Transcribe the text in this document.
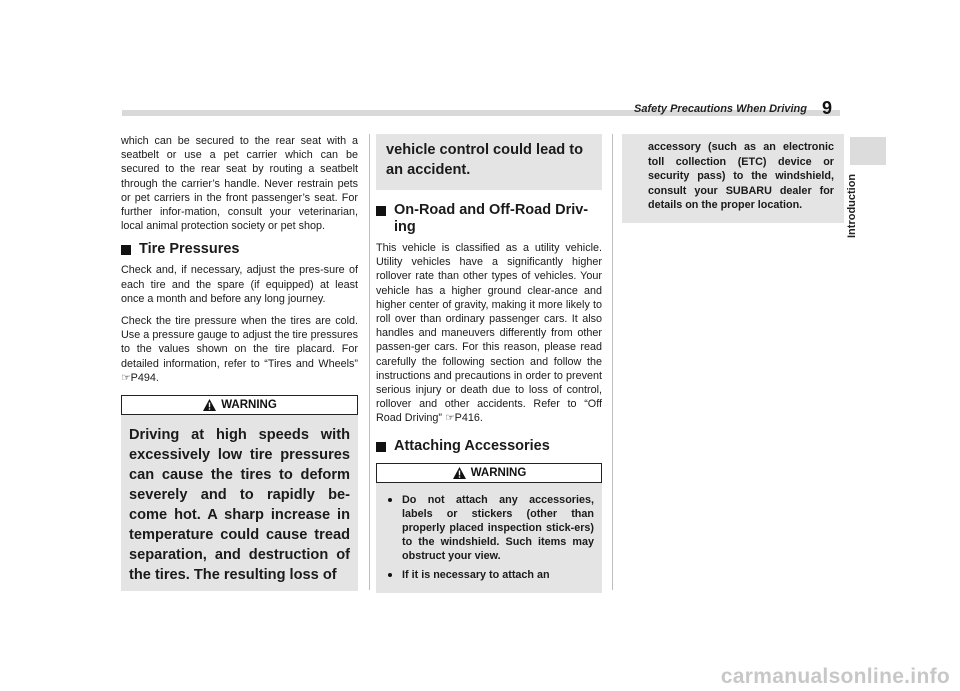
Safety Precautions When Driving 9
Introduction

which can be secured to the rear seat with a seatbelt or use a pet carrier which can be secured to the rear seat by routing a seatbelt through the carrier’s handle. Never restrain pets or pet carriers in the front passenger’s seat. For further infor-mation, consult your veterinarian, local animal protection society or pet shop.

Tire Pressures

Check and, if necessary, adjust the pres-sure of each tire and the spare (if equipped) at least once a month and before any long journey.

Check the tire pressure when the tires are cold. Use a pressure gauge to adjust the tire pressures to the values shown on the tire placard. For detailed information, refer to “Tires and Wheels” ☞P494.

WARNING
Driving at high speeds with excessively low tire pressures can cause the tires to deform severely and to rapidly be-come hot. A sharp increase in temperature could cause tread separation, and destruction of the tires. The resulting loss of
vehicle control could lead to an accident.
On-Road and Off-Road Driv-ing

This vehicle is classified as a utility vehicle. Utility vehicles have a significantly higher rollover rate than other types of vehicles. Your vehicle has a higher ground clear-ance and higher center of gravity, making it more likely to roll over than ordinary passenger cars. It also handles and maneuvers differently from other passen-ger cars. For this reason, please read carefully the following section and follow the instructions and precautions in order to prevent serious injury or death due to loss of control, rollover and other accidents. Refer to “Off Road Driving” ☞P416.

Attaching Accessories
WARNING
Do not attach any accessories, labels or stickers (other than properly placed inspection stick-ers) to the windshield. Such items may obstruct your view.
If it is necessary to attach an

accessory (such as an electronic toll collection (ETC) device or security pass) to the windshield, consult your SUBARU dealer for details on the proper location.

carmanualsonline.info
